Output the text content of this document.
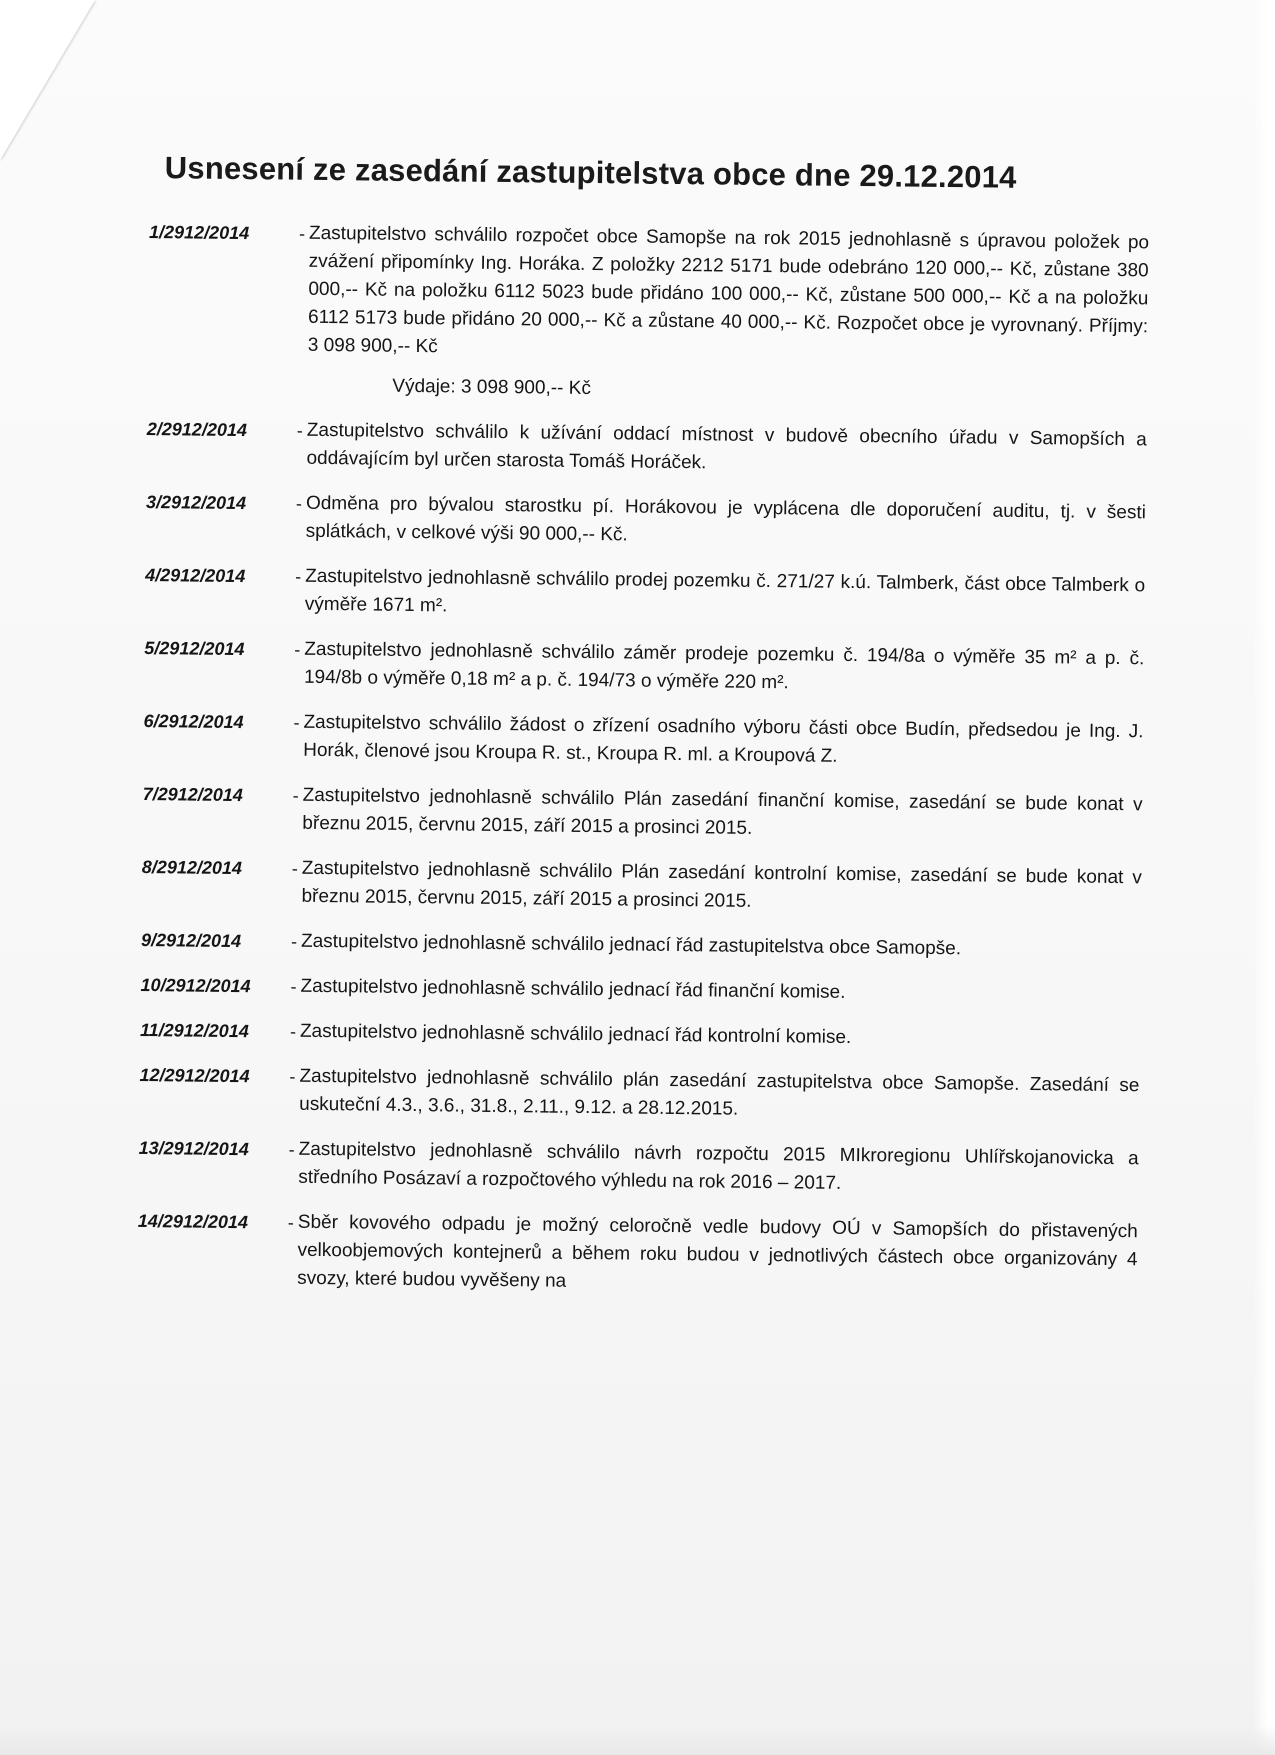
Usnesení ze zasedání zastupitelstva obce dne 29.12.2014
1/2912/2014	- Zastupitelstvo schválilo rozpočet obce Samopše na rok 2015 jednohlasně s úpravou položek po zvážení připomínky Ing. Horáka. Z položky 2212 5171 bude odebráno 120 000,-- Kč, zůstane 380 000,-- Kč na položku 6112 5023 bude přidáno 100 000,-- Kč, zůstane 500 000,-- Kč a na položku 6112 5173 bude přidáno 20 000,-- Kč a zůstane 40 000,-- Kč. Rozpočet obce je vyrovnaný. Příjmy: 3 098 900,-- Kč
Výdaje: 3 098 900,-- Kč
2/2912/2014	- Zastupitelstvo schválilo k užívání oddací místnost v budově obecního úřadu v Samopších a oddávajícím byl určen starosta Tomáš Horáček.
3/2912/2014	- Odměna pro bývalou starostku pí. Horákovou je vyplácena dle doporučení auditu, tj. v šesti splátkách, v celkové výši 90 000,-- Kč.
4/2912/2014	- Zastupitelstvo jednohlasně schválilo prodej pozemku č. 271/27 k.ú. Talmberk, část obce Talmberk o výměře 1671 m².
5/2912/2014	- Zastupitelstvo jednohlasně schválilo záměr prodeje pozemku č. 194/8a o výměře 35 m² a p. č. 194/8b o výměře 0,18 m² a p. č. 194/73 o výměře 220 m².
6/2912/2014	- Zastupitelstvo schválilo žádost o zřízení osadního výboru části obce Budín, předsedou je Ing. J. Horák, členové jsou Kroupa R. st., Kroupa R. ml. a Kroupová Z.
7/2912/2014	- Zastupitelstvo jednohlasně schválilo Plán zasedání finanční komise, zasedání se bude konat v březnu 2015, červnu 2015, září 2015 a prosinci 2015.
8/2912/2014	- Zastupitelstvo jednohlasně schválilo Plán zasedání kontrolní komise, zasedání se bude konat v březnu 2015, červnu 2015, září 2015 a prosinci 2015.
9/2912/2014	- Zastupitelstvo jednohlasně schválilo jednací řád zastupitelstva obce Samopše.
10/2912/2014	- Zastupitelstvo jednohlasně schválilo jednací řád finanční komise.
11/2912/2014	- Zastupitelstvo jednohlasně schválilo jednací řád kontrolní komise.
12/2912/2014	- Zastupitelstvo jednohlasně schválilo plán zasedání zastupitelstva obce Samopše. Zasedání se uskuteční 4.3., 3.6., 31.8., 2.11., 9.12. a 28.12.2015.
13/2912/2014	- Zastupitelstvo jednohlasně schválilo návrh rozpočtu 2015 MIkroregionu Uhlířskojanovicka a středního Posázaví a rozpočtového výhledu na rok 2016 – 2017.
14/2912/2014	- Sběr kovového odpadu je možný celoročně vedle budovy OÚ v Samopších do přistavených velkoobjemových kontejnerů a během roku budou v jednotlivých částech obce organizovány 4 svozy, které budou vyvěšeny na
